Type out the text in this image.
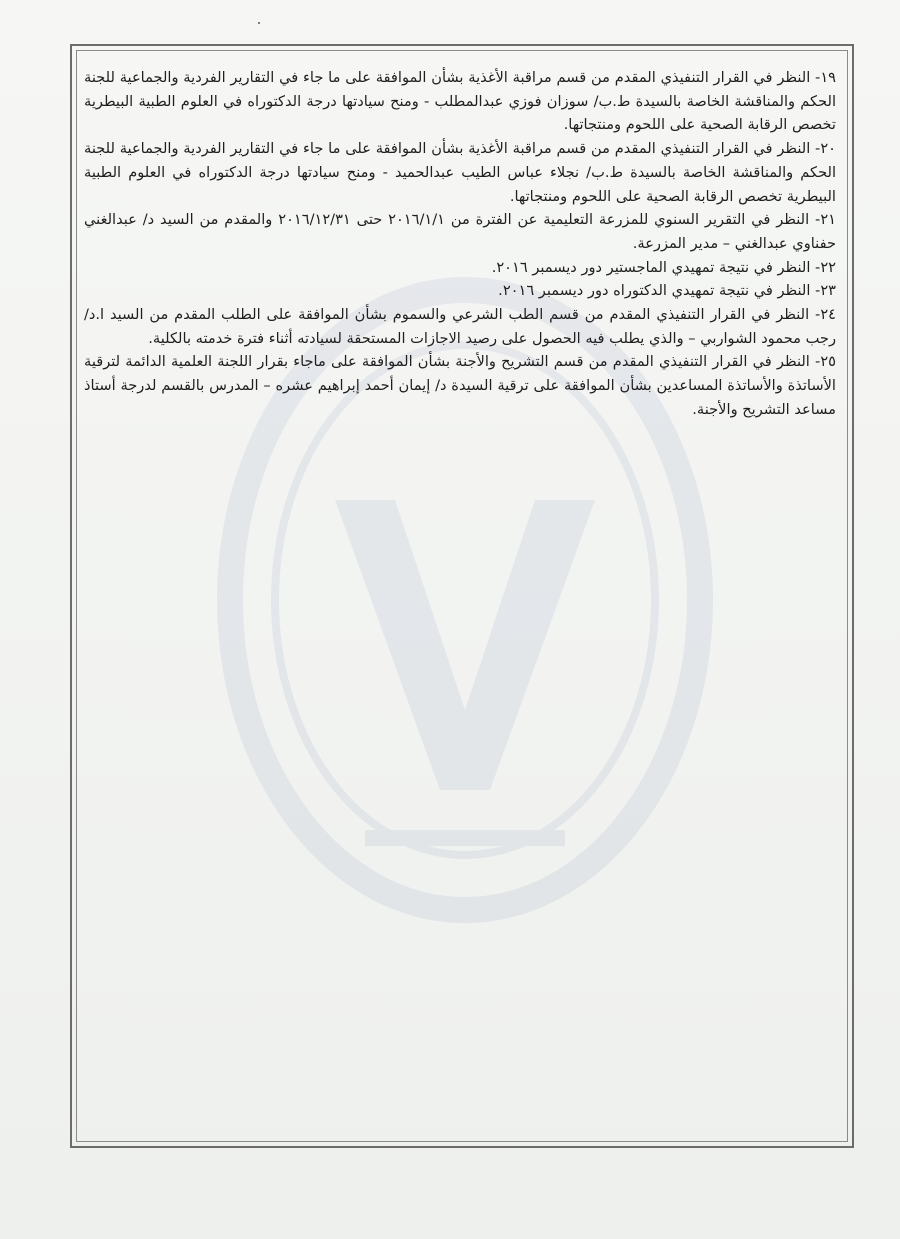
١٩- النظر في القرار التنفيذي المقدم من قسم مراقبة الأغذية بشأن الموافقة على ما جاء في التقارير الفردية والجماعية للجنة الحكم والمناقشة الخاصة بالسيدة ط.ب/ سوزان فوزي عبدالمطلب - ومنح سيادتها درجة الدكتوراه في العلوم الطبية البيطرية تخصص الرقابة الصحية على اللحوم ومنتجاتها.

٢٠- النظر في القرار التنفيذي المقدم من قسم مراقبة الأغذية بشأن الموافقة على ما جاء في التقارير الفردية والجماعية للجنة الحكم والمناقشة الخاصة بالسيدة ط.ب/ نجلاء عباس الطيب عبدالحميد - ومنح سيادتها درجة الدكتوراه في العلوم الطبية البيطرية تخصص الرقابة الصحية على اللحوم ومنتجاتها.

٢١- النظر في التقرير السنوي للمزرعة التعليمية عن الفترة من ٢٠١٦/١/١ حتى ٢٠١٦/١٢/٣١ والمقدم من السيد د/ عبدالغني حفناوي عبدالغني – مدير المزرعة.

٢٢- النظر في نتيجة تمهيدي الماجستير دور ديسمبر ٢٠١٦.

٢٣- النظر في نتيجة تمهيدي الدكتوراه دور ديسمبر ٢٠١٦.

٢٤- النظر في القرار التنفيذي المقدم من قسم الطب الشرعي والسموم بشأن الموافقة على الطلب المقدم من السيد ا.د/ رجب محمود الشواربي – والذي يطلب فيه الحصول على رصيد الاجازات المستحقة لسيادته أثناء فترة خدمته بالكلية.

٢٥- النظر في القرار التنفيذي المقدم من قسم التشريح والأجنة بشأن الموافقة على ماجاء بقرار اللجنة العلمية الدائمة لترقية الأساتذة والأساتذة المساعدين بشأن الموافقة على ترقية السيدة د/ إيمان أحمد إبراهيم عشره – المدرس بالقسم لدرجة أستاذ مساعد التشريح والأجنة.
